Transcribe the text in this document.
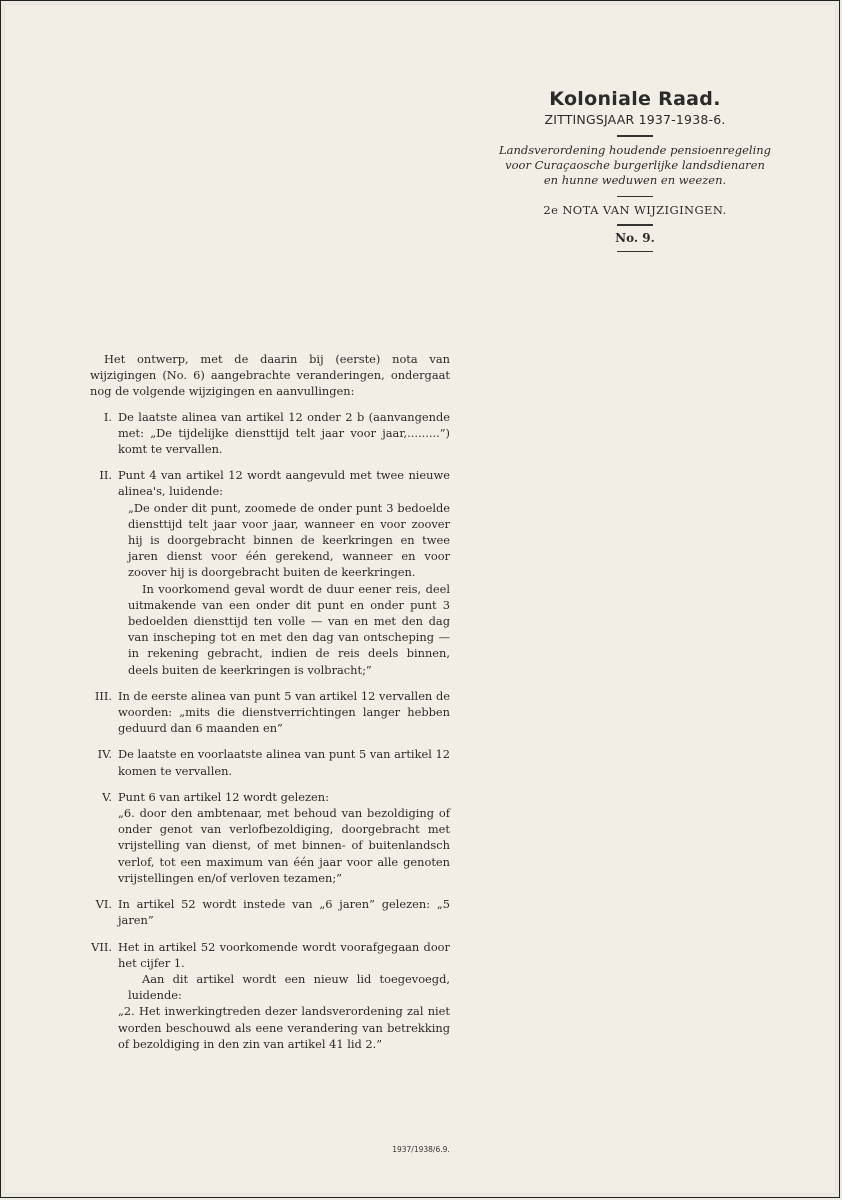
Koloniale Raad.
ZITTINGSJAAR 1937-1938-6.
Landsverordening houdende pensioenregeling
voor Curaçaosche burgerlijke landsdienaren
en hunne weduwen en weezen.
2e NOTA VAN WIJZIGINGEN.
No. 9.

Het ontwerp, met de daarin bij (eerste) nota van wijzigingen (No. 6) aangebrachte veranderingen, ondergaat nog de volgende wijzigingen en aanvullingen:

I. De laatste alinea van artikel 12 onder 2 b (aanvangende met: „De tijdelijke diensttijd telt jaar voor jaar,.........”) komt te vervallen.

II. Punt 4 van artikel 12 wordt aangevuld met twee nieuwe alinea's, luidende:

„De onder dit punt, zoomede de onder punt 3 bedoelde diensttijd telt jaar voor jaar, wanneer en voor zoover hij is doorgebracht binnen de keerkringen en twee jaren dienst voor één gerekend, wanneer en voor zoover hij is doorgebracht buiten de keerkringen.

In voorkomend geval wordt de duur eener reis, deel uitmakende van een onder dit punt en onder punt 3 bedoelden diensttijd ten volle — van en met den dag van inscheping tot en met den dag van ontscheping — in rekening gebracht, indien de reis deels binnen, deels buiten de keerkringen is volbracht;”

III. In de eerste alinea van punt 5 van artikel 12 vervallen de woorden: „mits die dienstverrichtingen langer hebben geduurd dan 6 maanden en”

IV. De laatste en voorlaatste alinea van punt 5 van artikel 12 komen te vervallen.

V. Punt 6 van artikel 12 wordt gelezen:

„6. door den ambtenaar, met behoud van bezoldiging of onder genot van verlofbezoldiging, doorgebracht met vrijstelling van dienst, of met binnen- of buitenlandsch verlof, tot een maximum van één jaar voor alle genoten vrijstellingen en/of verloven tezamen;”

VI. In artikel 52 wordt instede van „6 jaren” gelezen: „5 jaren”

VII. Het in artikel 52 voorkomende wordt voorafgegaan door het cijfer 1.

Aan dit artikel wordt een nieuw lid toegevoegd, luidende:

„2. Het inwerkingtreden dezer landsverordening zal niet worden beschouwd als eene verandering van betrekking of bezoldiging in den zin van artikel 41 lid 2.”

1937/1938/6.9.
